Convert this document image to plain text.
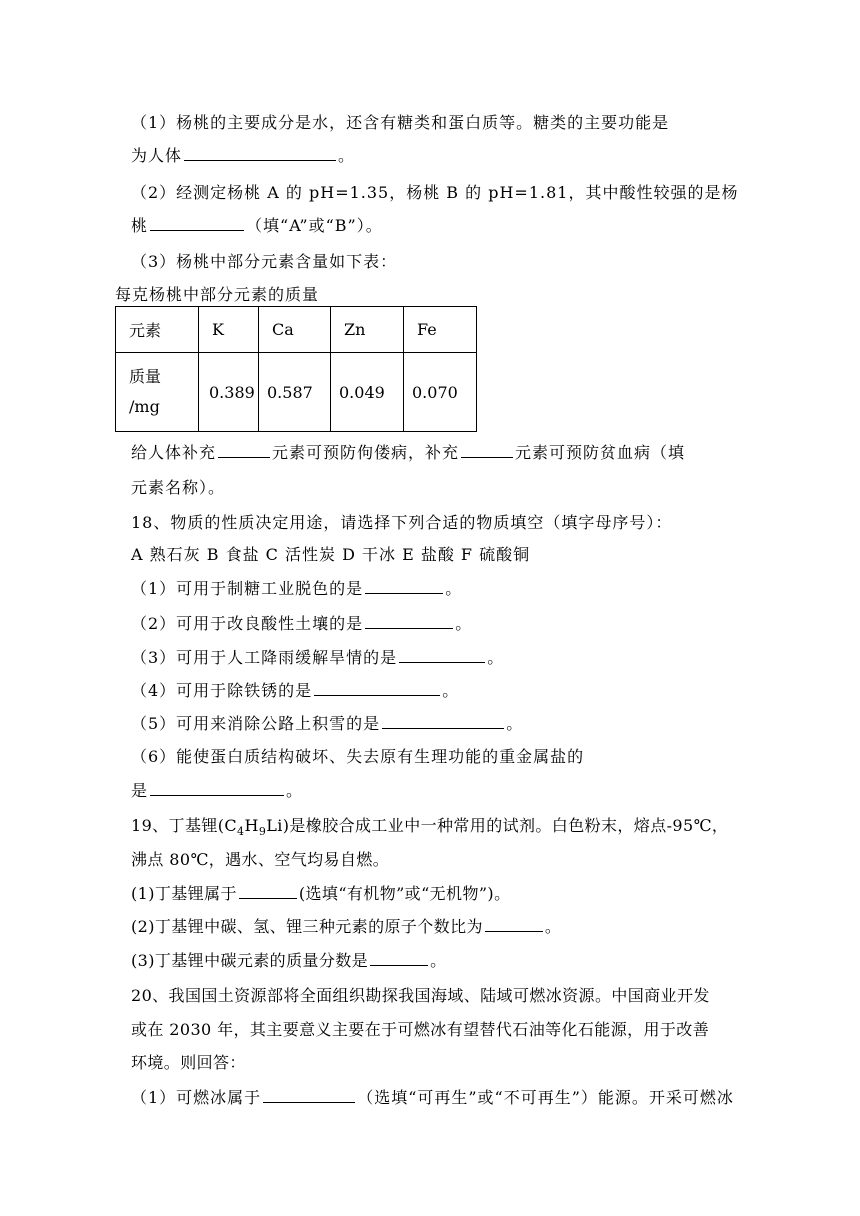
（1）杨桃的主要成分是水，还含有糖类和蛋白质等。糖类的主要功能是
为人体	。
（2）经测定杨桃 A 的 pH=1.35，杨桃 B 的 pH=1.81，其中酸性较强的是杨
桃	（填“A”或“B”）。
（3）杨桃中部分元素含量如下表：
每克杨桃中部分元素的质量
元素	K	Ca	Zn	Fe
质量
/mg	0.389	0.587	0.049	0.070
给人体补充	元素可预防佝偻病，补充	元素可预防贫血病（填
元素名称）。
18、物质的性质决定用途，请选择下列合适的物质填空（填字母序号）：
A 熟石灰 B 食盐 C 活性炭 D 干冰 E 盐酸 F 硫酸铜
（1）可用于制糖工业脱色的是	。
（2）可用于改良酸性土壤的是	。
（3）可用于人工降雨缓解旱情的是	。
（4）可用于除铁锈的是	。
（5）可用来消除公路上积雪的是	。
（6）能使蛋白质结构破坏、失去原有生理功能的重金属盐的
是	。
19、丁基锂$(C_4H_9Li)$是橡胶合成工业中一种常用的试剂。白色粉末，熔点-95℃，
沸点 80℃，遇水、空气均易自燃。
(1)丁基锂属于	(选填“有机物”或“无机物”)。
(2)丁基锂中碳、氢、锂三种元素的原子个数比为	。
(3)丁基锂中碳元素的质量分数是	。
20、我国国土资源部将全面组织勘探我国海域、陆域可燃冰资源。中国商业开发
或在 2030 年，其主要意义主要在于可燃冰有望替代石油等化石能源，用于改善
环境。则回答：
（1）可燃冰属于	（选填“可再生”或“不可再生”）能源。开采可燃冰
